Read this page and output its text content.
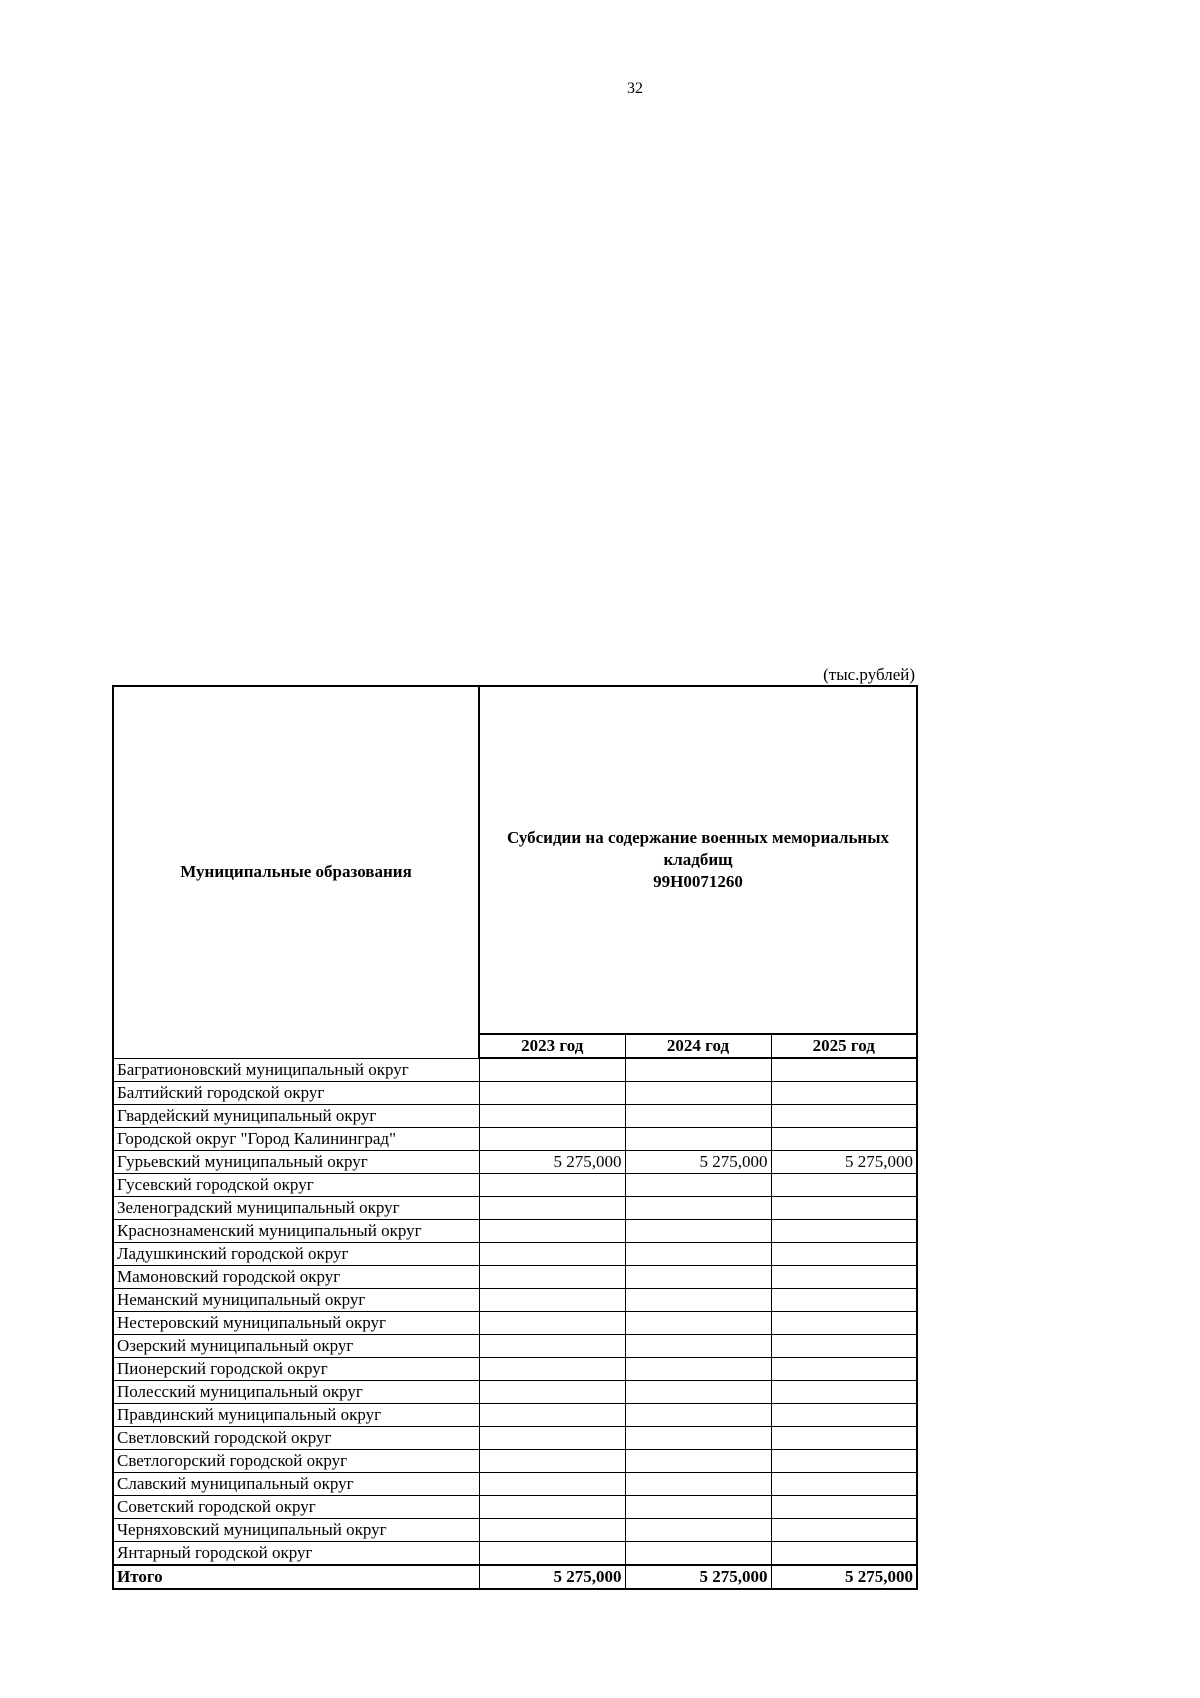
32
(тыс.рублей)
Муниципальные образования	Субсидии на содержание военных мемориальных
кладбищ
99H0071260		

	2023 год	2024 год	2025 год
Багратионовский муниципальный округ			
Балтийский городской округ			
Гвардейский муниципальный округ			
Городской округ "Город Калининград"			
Гурьевский муниципальный округ	5 275,000	5 275,000	5 275,000
Гусевский городской округ			
Зеленоградский муниципальный округ			
Краснознаменский муниципальный округ			
Ладушкинский городской округ			
Мамоновский городской округ			
Неманский муниципальный округ			
Нестеровский муниципальный округ			
Озерский муниципальный округ			
Пионерский городской округ			
Полесский муниципальный округ			
Правдинский муниципальный округ			
Светловский городской округ			
Светлогорский городской округ			
Славский муниципальный округ			
Советский городской округ			
Черняховский муниципальный округ			
Янтарный городской округ			
Итого	5 275,000	5 275,000	5 275,000
